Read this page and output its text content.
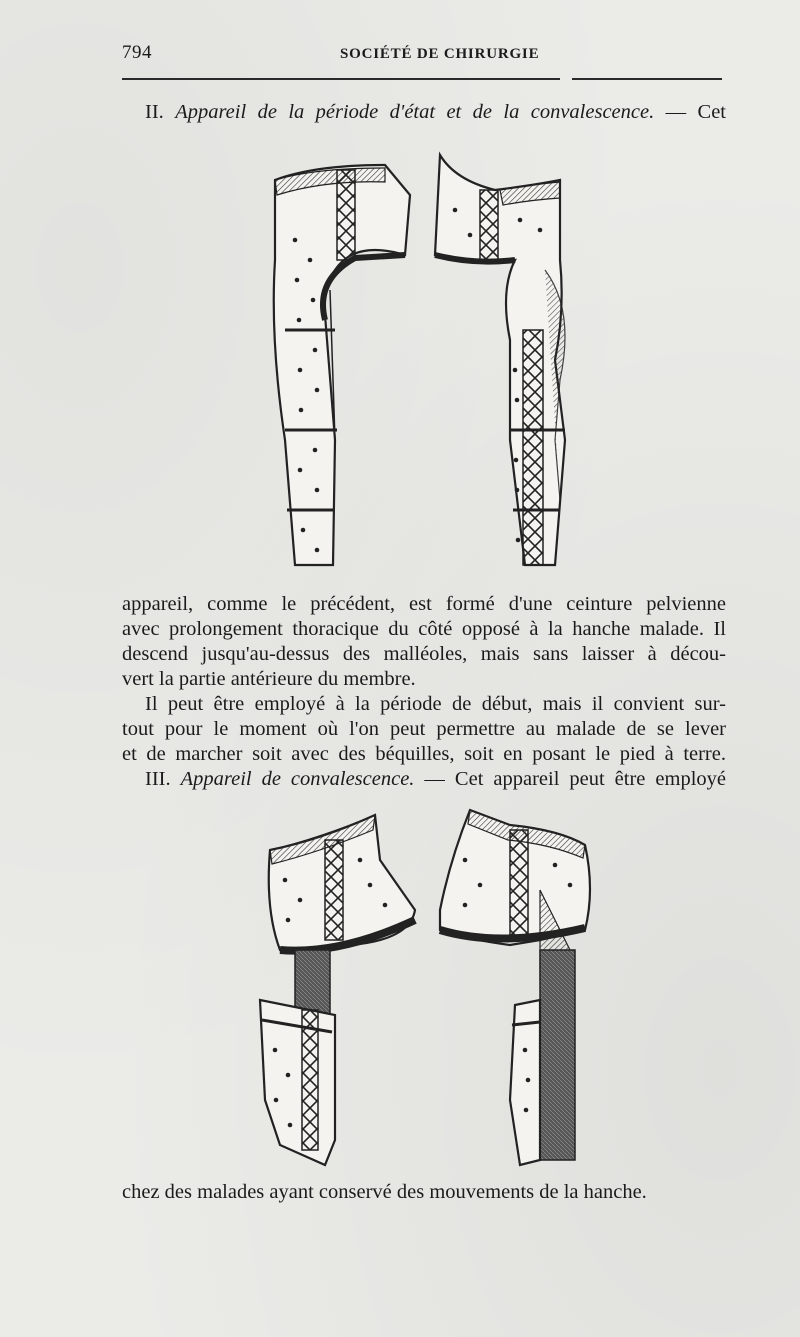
794	SOCIÉTÉ DE CHIRURGIE
II. Appareil de la période d'état et de la convalescence. — Cet
appareil, comme le précédent, est formé d'une ceinture pelvienne
avec prolongement thoracique du côté opposé à la hanche malade. Il
descend jusqu'au-dessus des malléoles, mais sans laisser à décou-
vert la partie antérieure du membre.
Il peut être employé à la période de début, mais il convient sur-
tout pour le moment où l'on peut permettre au malade de se lever
et de marcher soit avec des béquilles, soit en posant le pied à terre.
III. Appareil de convalescence. — Cet appareil peut être employé
chez des malades ayant conservé des mouvements de la hanche.
